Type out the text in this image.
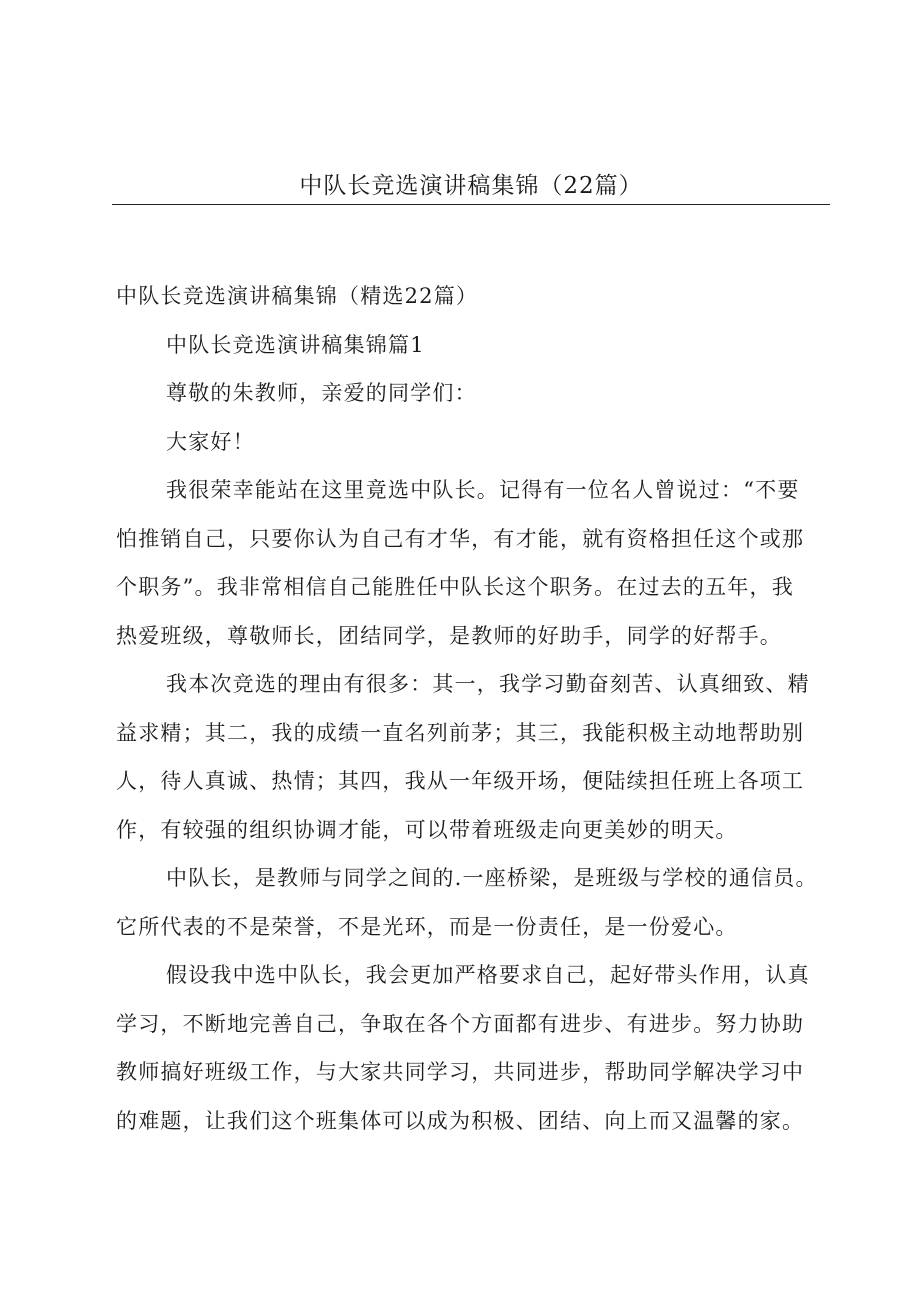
中队长竞选演讲稿集锦（22篇）

中队长竞选演讲稿集锦（精选22篇）

中队长竞选演讲稿集锦篇1

尊敬的朱教师，亲爱的同学们：

大家好！

我很荣幸能站在这里竟选中队长。记得有一位名人曾说过：“不要

怕推销自己，只要你认为自己有才华，有才能，就有资格担任这个或那

个职务”。我非常相信自己能胜任中队长这个职务。在过去的五年，我

热爱班级，尊敬师长，团结同学，是教师的好助手，同学的好帮手。

我本次竞选的理由有很多：其一，我学习勤奋刻苦、认真细致、精

益求精；其二，我的成绩一直名列前茅；其三，我能积极主动地帮助别

人，待人真诚、热情；其四，我从一年级开场，便陆续担任班上各项工

作，有较强的组织协调才能，可以带着班级走向更美妙的明天。

中队长，是教师与同学之间的.一座桥梁，是班级与学校的通信员。

它所代表的不是荣誉，不是光环，而是一份责任，是一份爱心。

假设我中选中队长，我会更加严格要求自己，起好带头作用，认真

学习，不断地完善自己，争取在各个方面都有进步、有进步。努力协助

教师搞好班级工作，与大家共同学习，共同进步，帮助同学解决学习中

的难题，让我们这个班集体可以成为积极、团结、向上而又温馨的家。
